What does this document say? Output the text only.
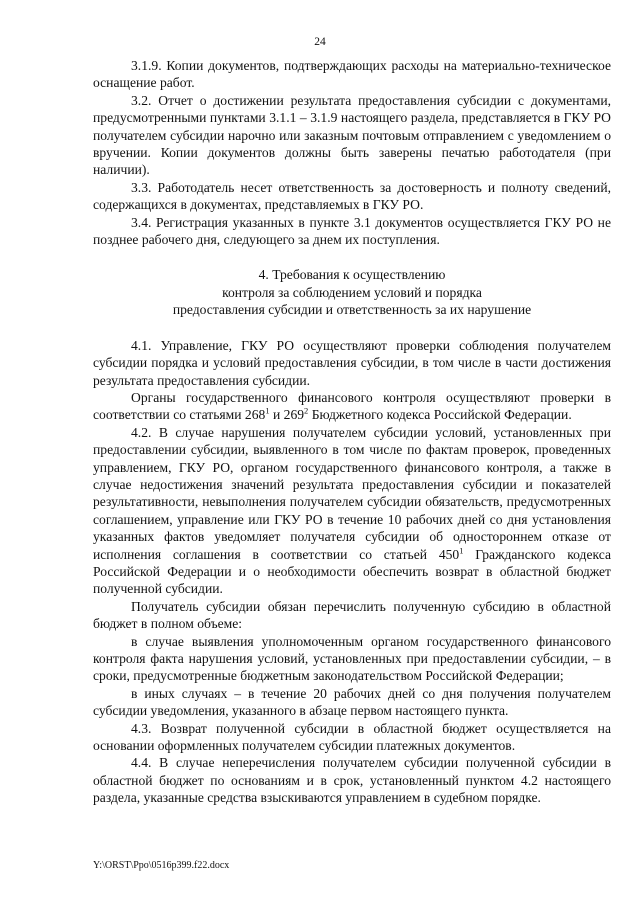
24

3.1.9. Копии документов, подтверждающих расходы на материально-техническое оснащение работ.

3.2. Отчет о достижении результата предоставления субсидии с документами, предусмотренными пунктами 3.1.1 – 3.1.9 настоящего раздела, представляется в ГКУ РО получателем субсидии нарочно или заказным почтовым отправлением с уведомлением о вручении. Копии документов должны быть заверены печатью работодателя (при наличии).

3.3. Работодатель несет ответственность за достоверность и полноту сведений, содержащихся в документах, представляемых в ГКУ РО.

3.4. Регистрация указанных в пункте 3.1 документов осуществляется ГКУ РО не позднее рабочего дня, следующего за днем их поступления.

4. Требования к осуществлению

контроля за соблюдением условий и порядка

предоставления субсидии и ответственность за их нарушение

4.1. Управление, ГКУ РО осуществляют проверки соблюдения получателем субсидии порядка и условий предоставления субсидии, в том числе в части достижения результата предоставления субсидии.

Органы государственного финансового контроля осуществляют проверки в соответствии со статьями $268^1$ и $269^2$ Бюджетного кодекса Российской Федерации.

4.2. В случае нарушения получателем субсидии условий, установленных при предоставлении субсидии, выявленного в том числе по фактам проверок, проведенных управлением, ГКУ РО, органом государственного финансового контроля, а также в случае недостижения значений результата предоставления субсидии и показателей результативности, невыполнения получателем субсидии обязательств, предусмотренных соглашением, управление или ГКУ РО в течение 10 рабочих дней со дня установления указанных фактов уведомляет получателя субсидии об одностороннем отказе от исполнения соглашения в соответствии со статьей $450^1$ Гражданского кодекса Российской Федерации и о необходимости обеспечить возврат в областной бюджет полученной субсидии.

Получатель субсидии обязан перечислить полученную субсидию в областной бюджет в полном объеме:

в случае выявления уполномоченным органом государственного финансового контроля факта нарушения условий, установленных при предоставлении субсидии, – в сроки, предусмотренные бюджетным законодательством Российской Федерации;

в иных случаях – в течение 20 рабочих дней со дня получения получателем субсидии уведомления, указанного в абзаце первом настоящего пункта.

4.3. Возврат полученной субсидии в областной бюджет осуществляется на основании оформленных получателем субсидии платежных документов.

4.4. В случае неперечисления получателем субсидии полученной субсидии в областной бюджет по основаниям и в срок, установленный пунктом 4.2 настоящего раздела, указанные средства взыскиваются управлением в судебном порядке.

Y:\ORST\Ppo\0516p399.f22.docx
